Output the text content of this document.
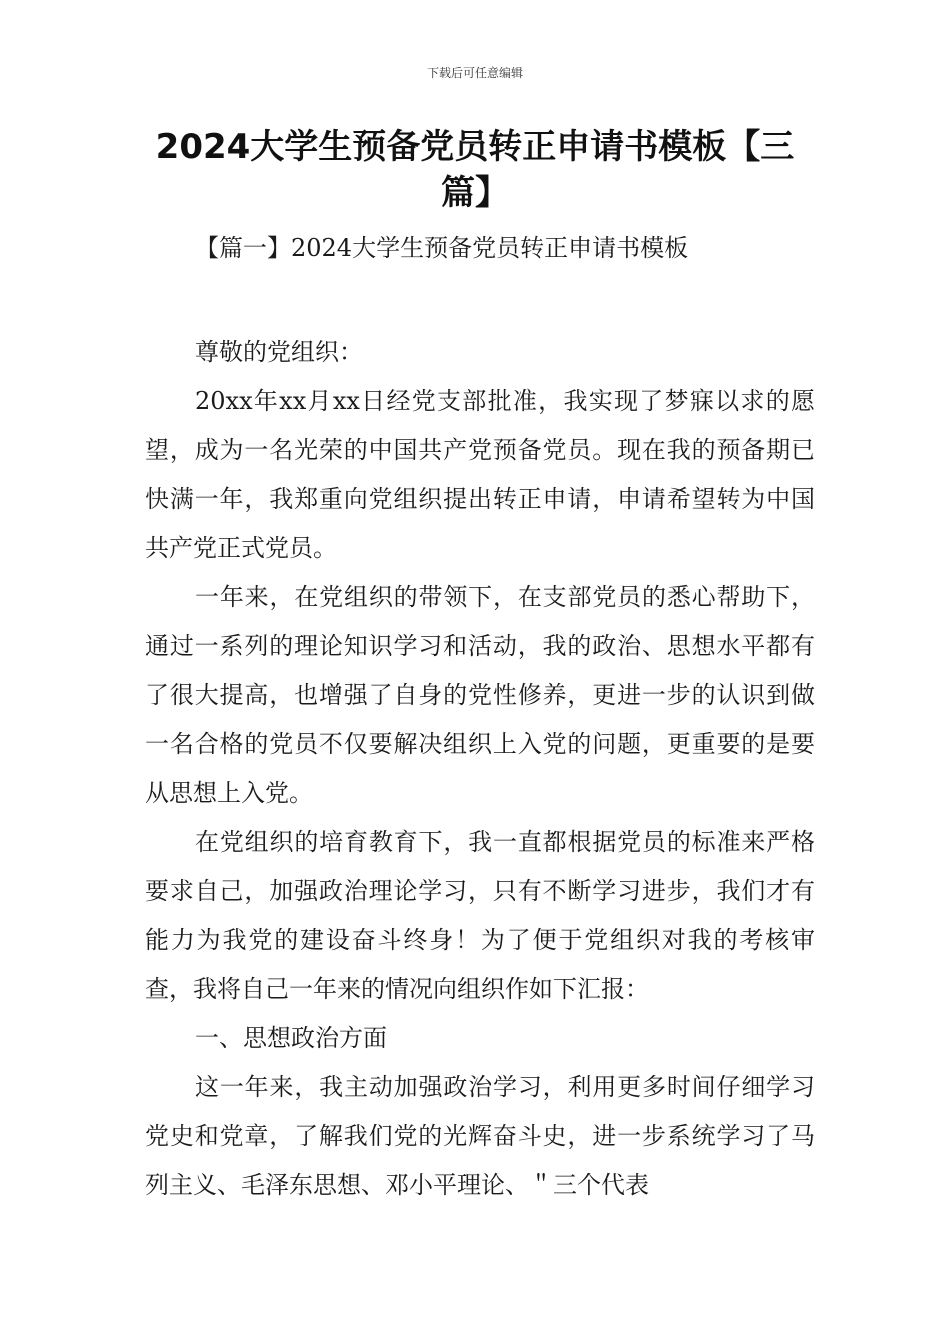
下载后可任意编辑
2024大学生预备党员转正申请书模板【三篇】
【篇一】2024大学生预备党员转正申请书模板

尊敬的党组织：

20xx年xx月xx日经党支部批准，我实现了梦寐以求的愿望，成为一名光荣的中国共产党预备党员。现在我的预备期已快满一年，我郑重向党组织提出转正申请，申请希望转为中国共产党正式党员。

一年来，在党组织的带领下，在支部党员的悉心帮助下，通过一系列的理论知识学习和活动，我的政治、思想水平都有了很大提高，也增强了自身的党性修养，更进一步的认识到做一名合格的党员不仅要解决组织上入党的问题，更重要的是要从思想上入党。

在党组织的培育教育下，我一直都根据党员的标准来严格要求自己，加强政治理论学习，只有不断学习进步，我们才有能力为我党的建设奋斗终身！为了便于党组织对我的考核审查，我将自己一年来的情况向组织作如下汇报：

一、思想政治方面

这一年来，我主动加强政治学习，利用更多时间仔细学习党史和党章，了解我们党的光辉奋斗史，进一步系统学习了马列主义、毛泽东思想、邓小平理论、＂三个代表
